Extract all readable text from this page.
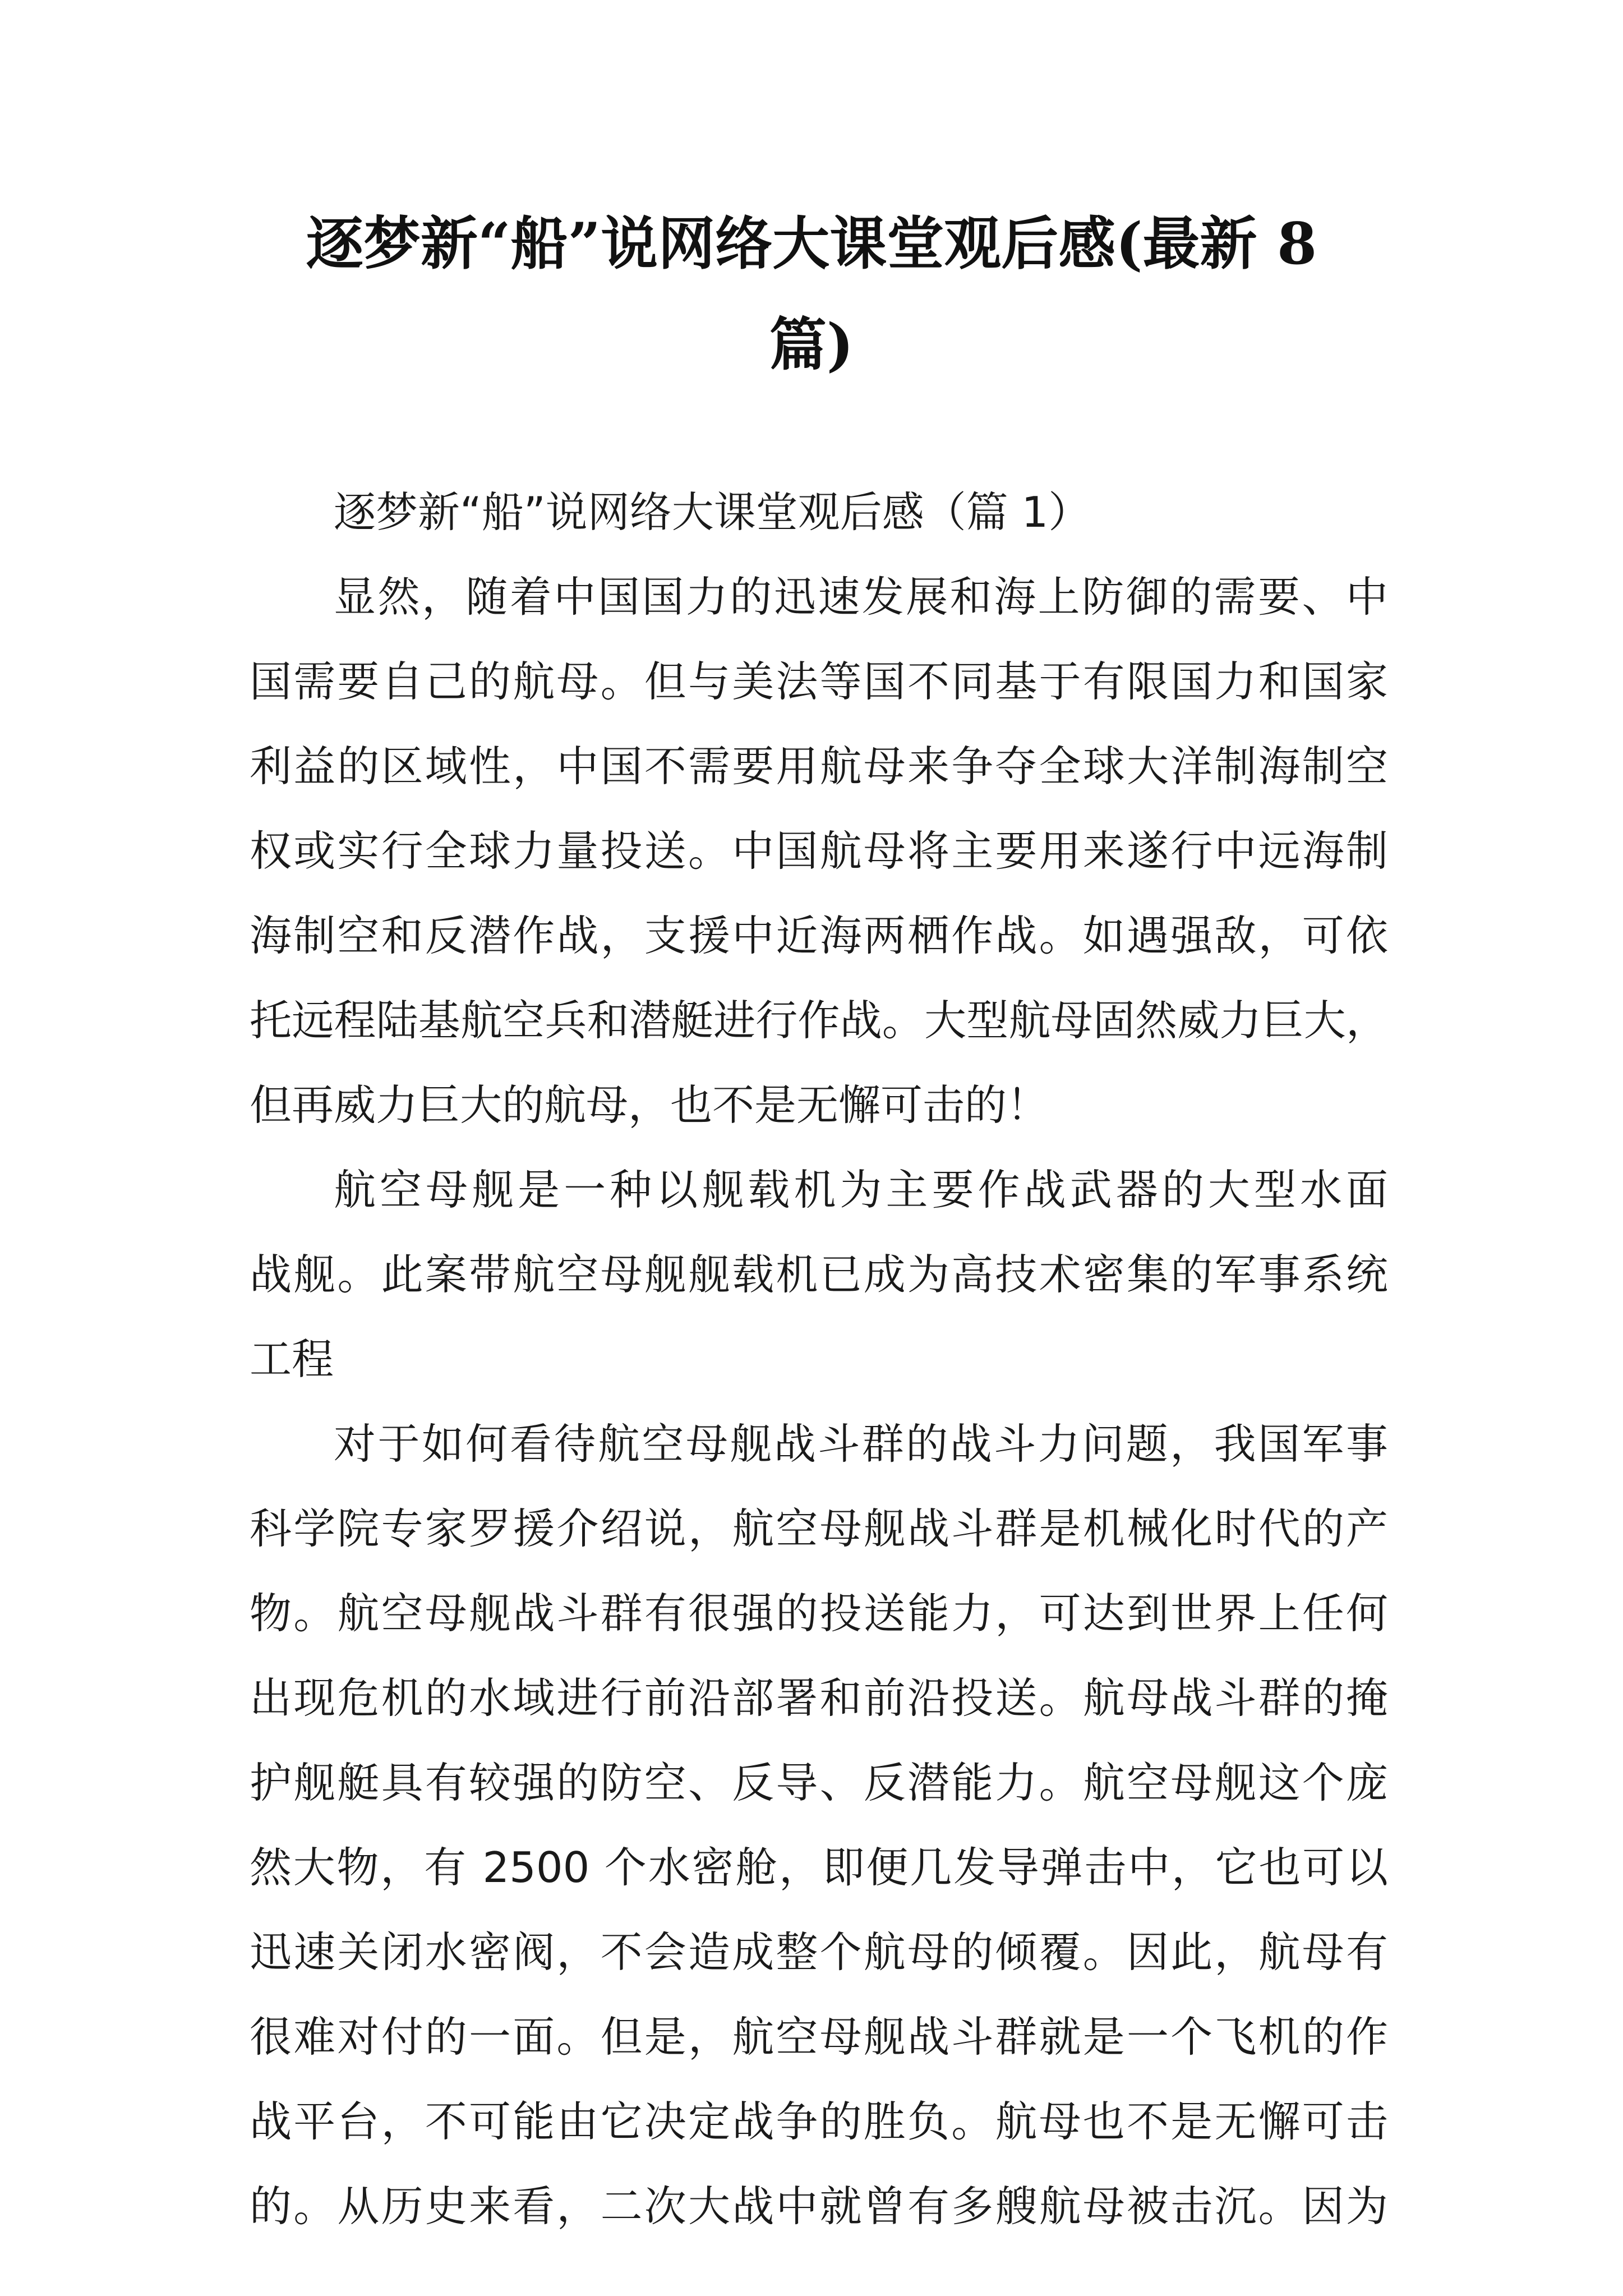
逐梦新“船”说网络大课堂观后感(最新 8
篇)
逐梦新“船”说网络大课堂观后感（篇 1）
显然，随着中国国力的迅速发展和海上防御的需要、中
国需要自己的航母。但与美法等国不同基于有限国力和国家
利益的区域性，中国不需要用航母来争夺全球大洋制海制空
权或实行全球力量投送。中国航母将主要用来遂行中远海制
海制空和反潜作战，支援中近海两栖作战。如遇强敌，可依
托远程陆基航空兵和潜艇进行作战。大型航母固然威力巨大，
但再威力巨大的航母，也不是无懈可击的！
航空母舰是一种以舰载机为主要作战武器的大型水面
战舰。此案带航空母舰舰载机已成为高技术密集的军事系统
工程
对于如何看待航空母舰战斗群的战斗力问题，我国军事
科学院专家罗援介绍说，航空母舰战斗群是机械化时代的产
物。航空母舰战斗群有很强的投送能力，可达到世界上任何
出现危机的水域进行前沿部署和前沿投送。航母战斗群的掩
护舰艇具有较强的防空、反导、反潜能力。航空母舰这个庞
然大物，有 2500 个水密舱，即便几发导弹击中，它也可以
迅速关闭水密阀，不会造成整个航母的倾覆。因此，航母有
很难对付的一面。但是，航空母舰战斗群就是一个飞机的作
战平台，不可能由它决定战争的胜负。航母也不是无懈可击
的。从历史来看，二次大战中就曾有多艘航母被击沉。因为
